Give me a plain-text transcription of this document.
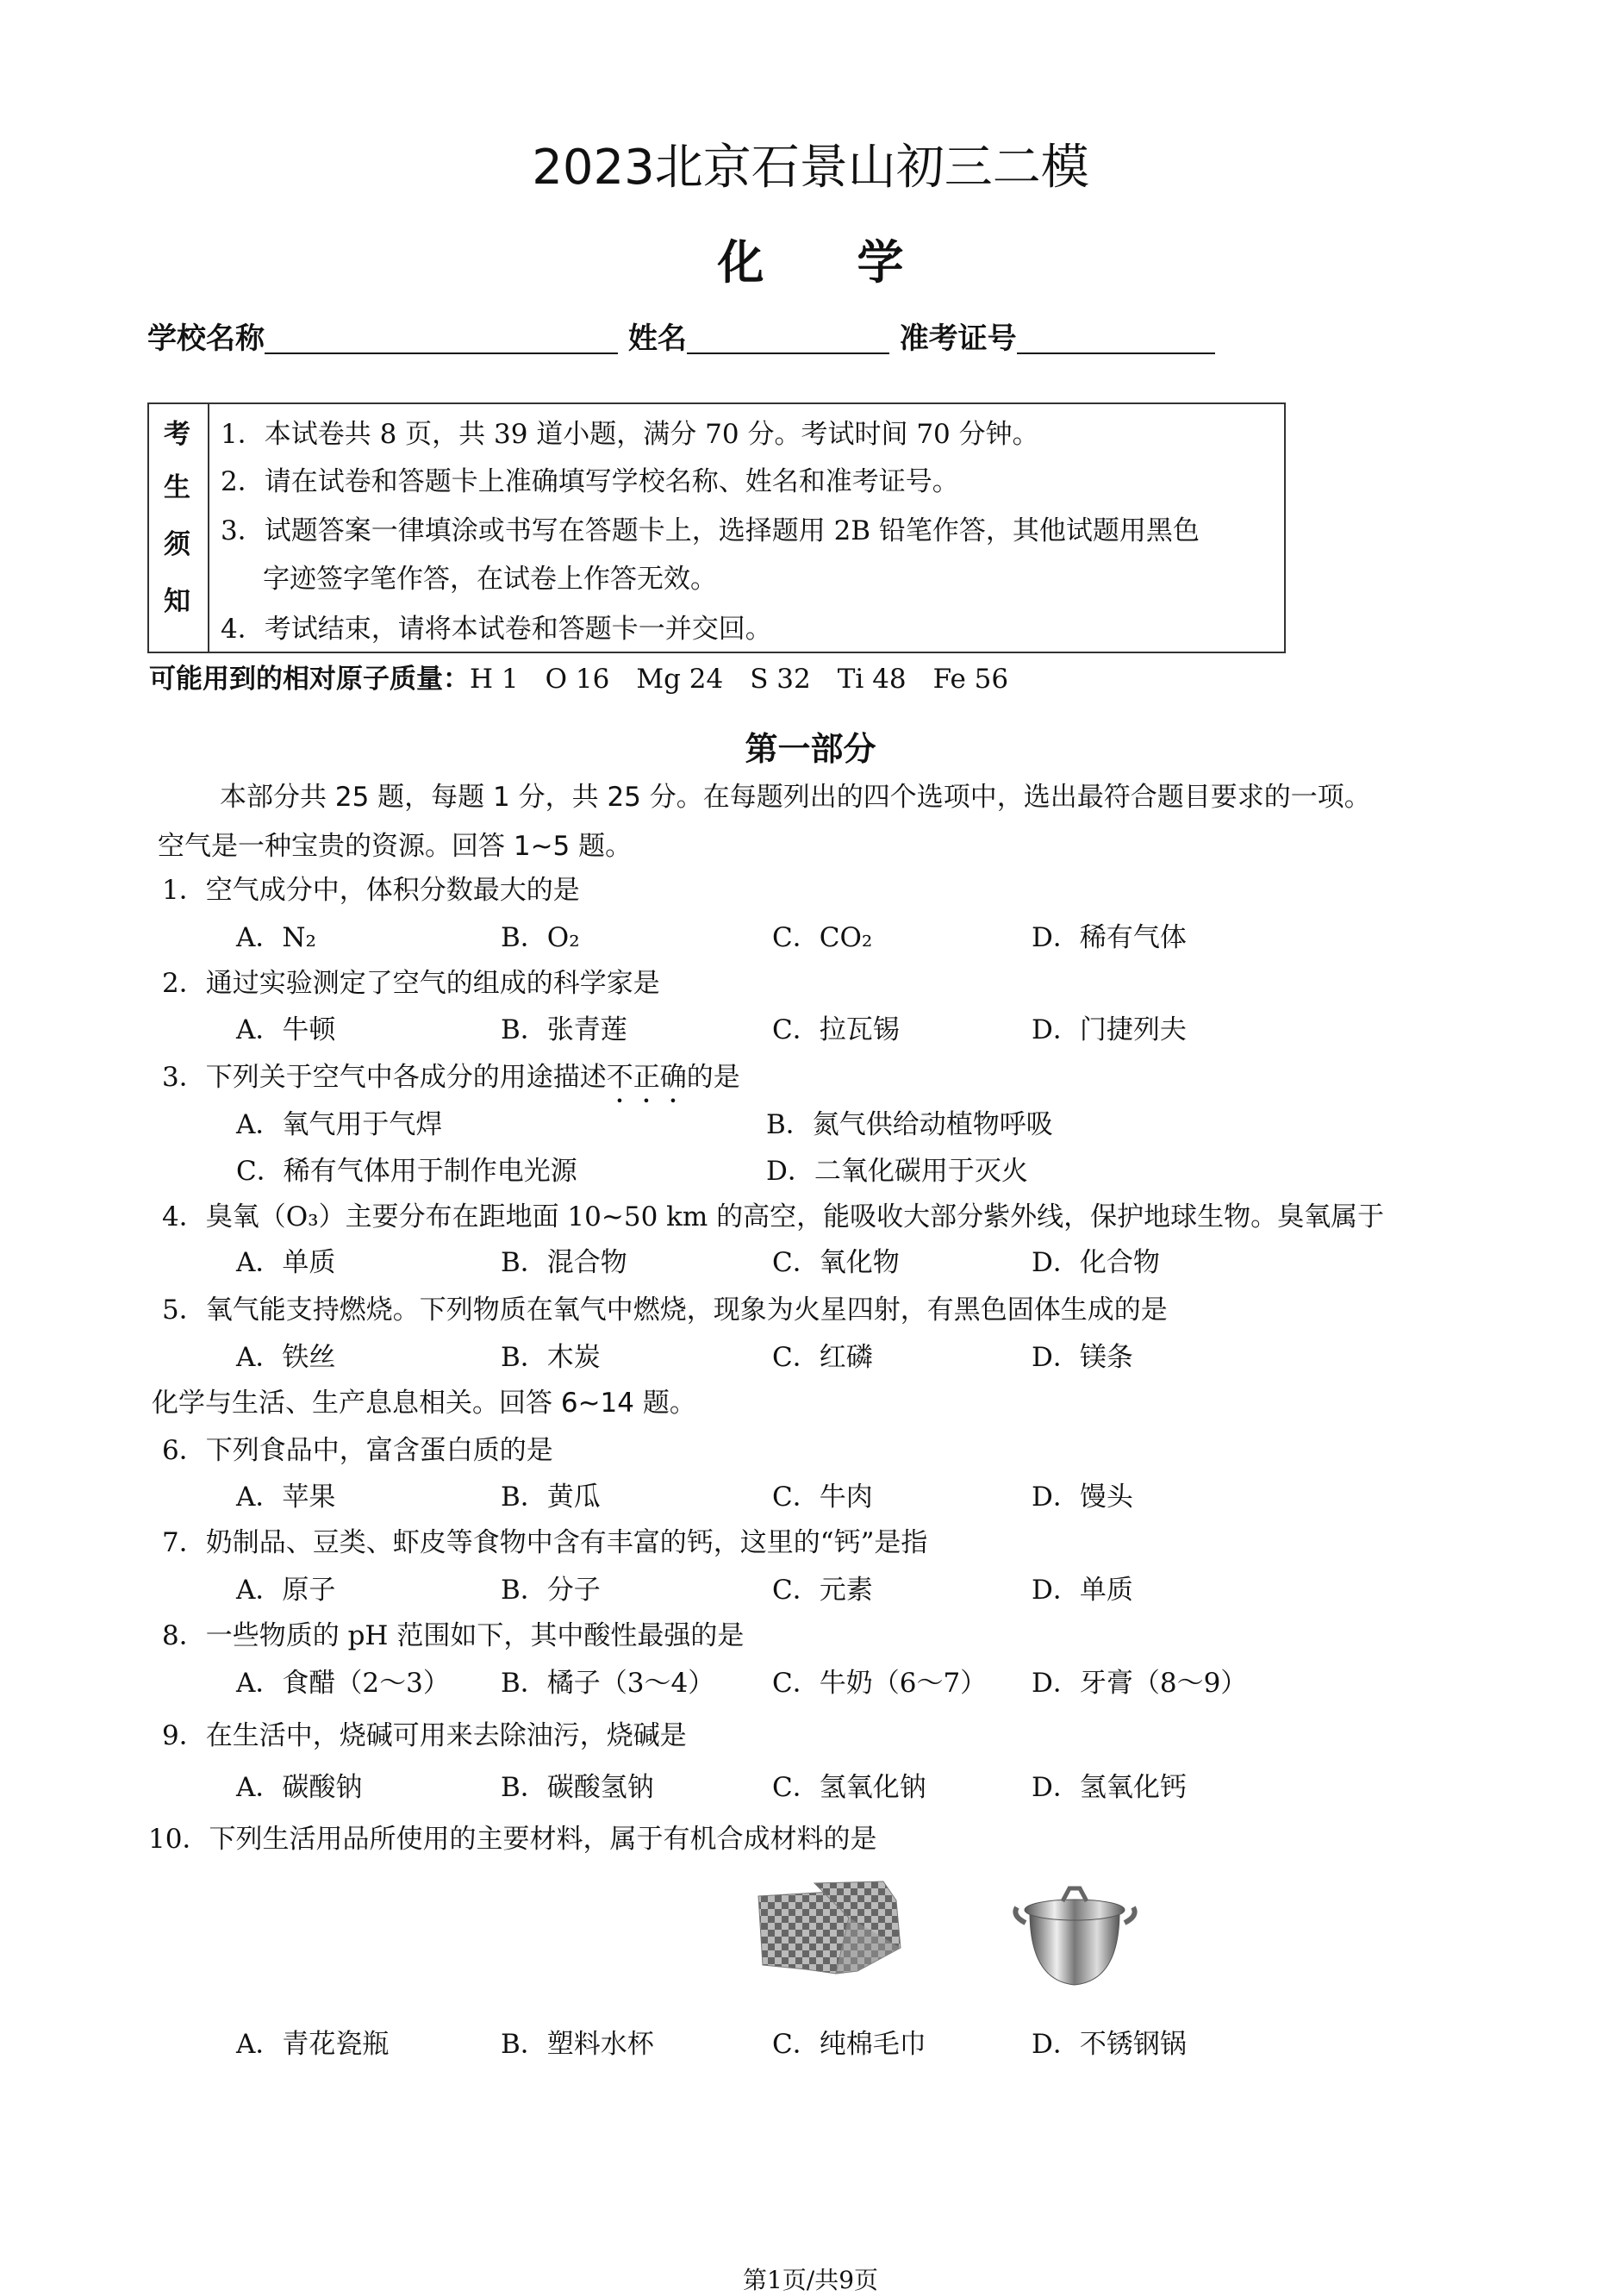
2023北京石景山初三二模
化　　学
学校名称	姓名	准考证号
考
生
须
知
1．本试卷共 8 页，共 39 道小题，满分 70 分。考试时间 70 分钟。
2．请在试卷和答题卡上准确填写学校名称、姓名和准考证号。
3．试题答案一律填涂或书写在答题卡上，选择题用 2B 铅笔作答，其他试题用黑色
字迹签字笔作答，在试卷上作答无效。
4．考试结束，请将本试卷和答题卡一并交回。
可能用到的相对原子质量：H 1　O 16　Mg 24　S 32　Ti 48　Fe 56
第一部分
本部分共 25 题，每题 1 分，共 25 分。在每题列出的四个选项中，选出最符合题目要求的一项。
空气是一种宝贵的资源。回答 1~5 题。
1．空气成分中，体积分数最大的是
A．N₂	B．O₂	C．CO₂	D．稀有气体
2．通过实验测定了空气的组成的科学家是
A．牛顿	B．张青莲	C．拉瓦锡	D．门捷列夫
3．下列关于空气中各成分的用途描述不正确的是
A．氧气用于气焊	B．氮气供给动植物呼吸
C．稀有气体用于制作电光源	D．二氧化碳用于灭火
4．臭氧（O₃）主要分布在距地面 10~50 km 的高空，能吸收大部分紫外线，保护地球生物。臭氧属于
A．单质	B．混合物	C．氧化物	D．化合物
5．氧气能支持燃烧。下列物质在氧气中燃烧，现象为火星四射，有黑色固体生成的是
A．铁丝	B．木炭	C．红磷	D．镁条
化学与生活、生产息息相关。回答 6~14 题。
6．下列食品中，富含蛋白质的是
A．苹果	B．黄瓜	C．牛肉	D．馒头
7．奶制品、豆类、虾皮等食物中含有丰富的钙，这里的“钙”是指
A．原子	B．分子	C．元素	D．单质
8．一些物质的 pH 范围如下，其中酸性最强的是
A．食醋（2～3） B．橘子（3～4） C．牛奶（6～7） D．牙膏（8～9）
9．在生活中，烧碱可用来去除油污，烧碱是
A．碳酸钠	B．碳酸氢钠	C．氢氧化钠	D．氢氧化钙
10．下列生活用品所使用的主要材料，属于有机合成材料的是
A．青花瓷瓶	B．塑料水杯	C．纯棉毛巾	D．不锈钢锅
第1页/共9页
